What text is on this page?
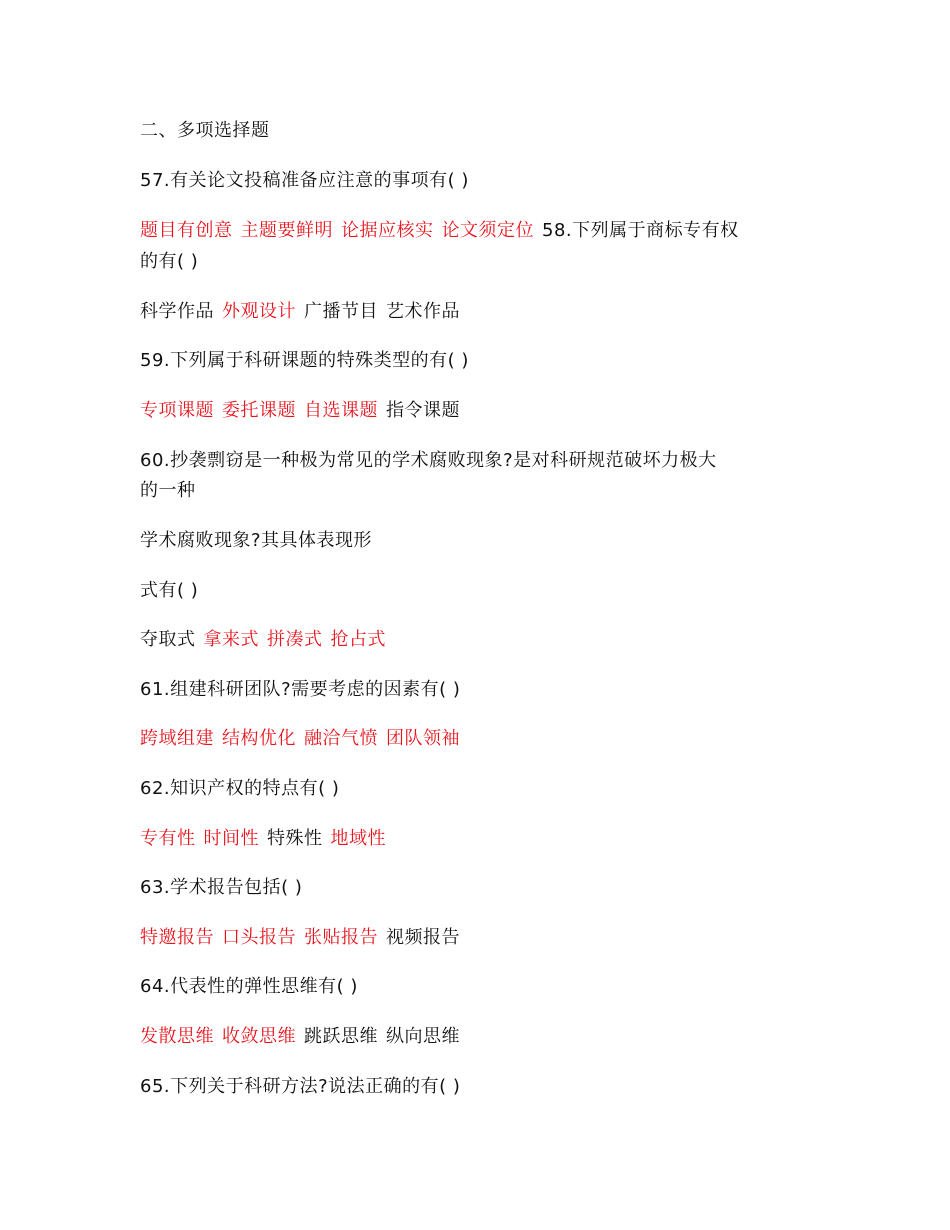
二、多项选择题
57.有关论文投稿准备应注意的事项有( )
题目有创意 主题要鲜明 论据应核实 论文须定位 58.下列属于商标专有权
的有( )
科学作品 外观设计 广播节目 艺术作品
59.下列属于科研课题的特殊类型的有( )
专项课题 委托课题 自选课题 指令课题
60.抄袭剽窃是一种极为常见的学术腐败现象?是对科研规范破坏力极大
的一种
学术腐败现象?其具体表现形
式有( )
夺取式 拿来式 拼凑式 抢占式
61.组建科研团队?需要考虑的因素有( )
跨域组建 结构优化 融洽气愤 团队领袖
62.知识产权的特点有( )
专有性 时间性 特殊性 地域性
63.学术报告包括( )
特邀报告 口头报告 张贴报告 视频报告
64.代表性的弹性思维有( )
发散思维 收敛思维 跳跃思维 纵向思维
65.下列关于科研方法?说法正确的有( )
